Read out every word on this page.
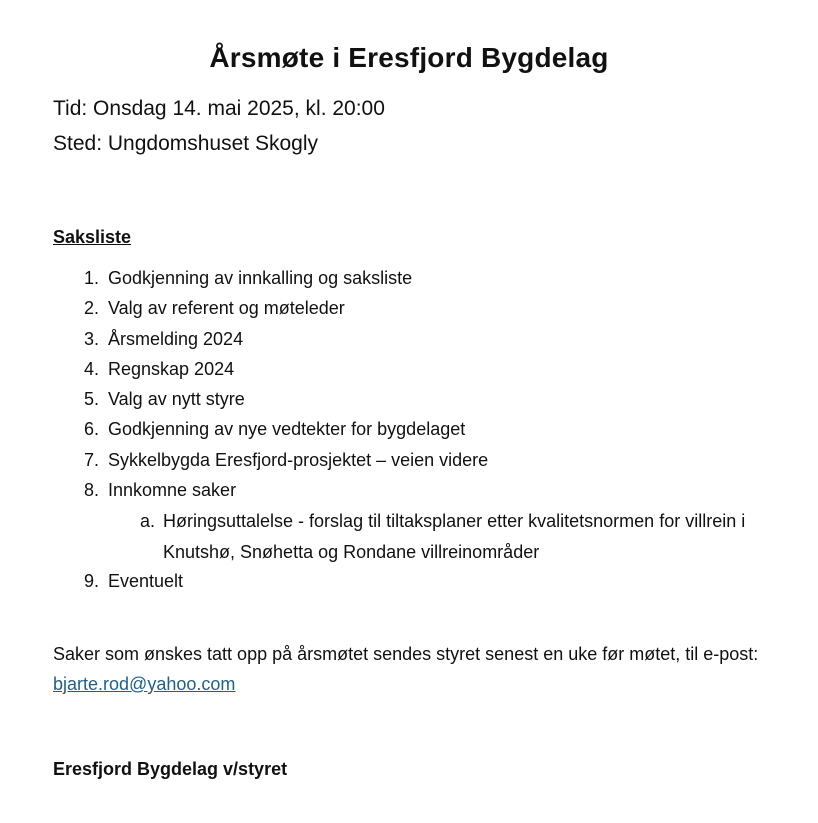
Årsmøte i Eresfjord Bygdelag
Tid: Onsdag 14. mai 2025, kl. 20:00
Sted: Ungdomshuset Skogly
Saksliste
1. Godkjenning av innkalling og saksliste
2. Valg av referent og møteleder
3. Årsmelding 2024
4. Regnskap 2024
5. Valg av nytt styre
6. Godkjenning av nye vedtekter for bygdelaget
7. Sykkelbygda Eresfjord-prosjektet – veien videre
8. Innkomne saker
a. Høringsuttalelse - forslag til tiltaksplaner etter kvalitetsnormen for villrein i Knutshø, Snøhetta og Rondane villreinområder
9. Eventuelt
Saker som ønskes tatt opp på årsmøtet sendes styret senest en uke før møtet, til e-post: bjarte.rod@yahoo.com
Eresfjord Bygdelag v/styret
